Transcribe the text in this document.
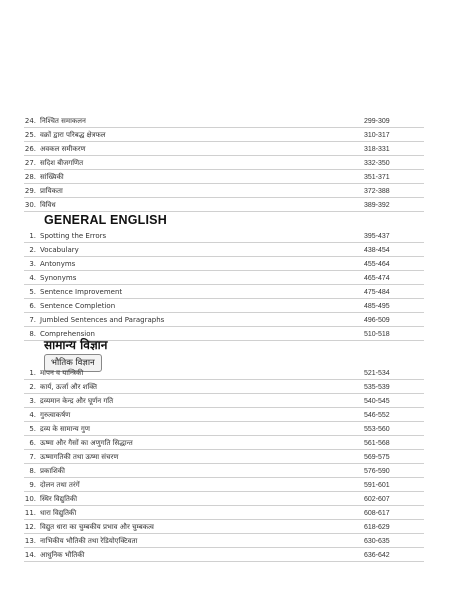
24. निश्चित समाकलन	299-309
25. वक्रों द्वारा परिबद्ध क्षेत्रफल	310-317
26. अवकल समीकरण	318-331
27. सदिश बीजगणित	332-350
28. सांख्यिकी	351-371
29. प्रायिकता	372-388
30. विविध	389-392
GENERAL ENGLISH
1. Spotting the Errors	395-437
2. Vocabulary	438-454
3. Antonyms	455-464
4. Synonyms	465-474
5. Sentence Improvement	475-484
6. Sentence Completion	485-495
7. Jumbled Sentences and Paragraphs	496-509
8. Comprehension	510-518
सामान्य विज्ञान
भौतिक विज्ञान
1. मापन व यान्त्रिकी	521-534
2. कार्य, ऊर्जा और शक्ति	535-539
3. द्रव्यमान केन्द्र और घूर्णन गति	540-545
4. गुरुत्वाकर्षण	546-552
5. द्रव्य के सामान्य गुण	553-560
6. ऊष्मा और गैसों का अणुगति सिद्धान्त	561-568
7. ऊष्मागतिकी तथा ऊष्मा संचरण	569-575
8. प्रकाशिकी	576-590
9. दोलन तथा तरंगें	591-601
10. स्थिर विद्युतिकी	602-607
11. धारा विद्युतिकी	608-617
12. विद्युत धारा का चुम्बकीय प्रभाव और चुम्बकत्व	618-629
13. नाभिकीय भौतिकी तथा रेडियोएक्टिवता	630-635
14. आधुनिक भौतिकी	636-642
